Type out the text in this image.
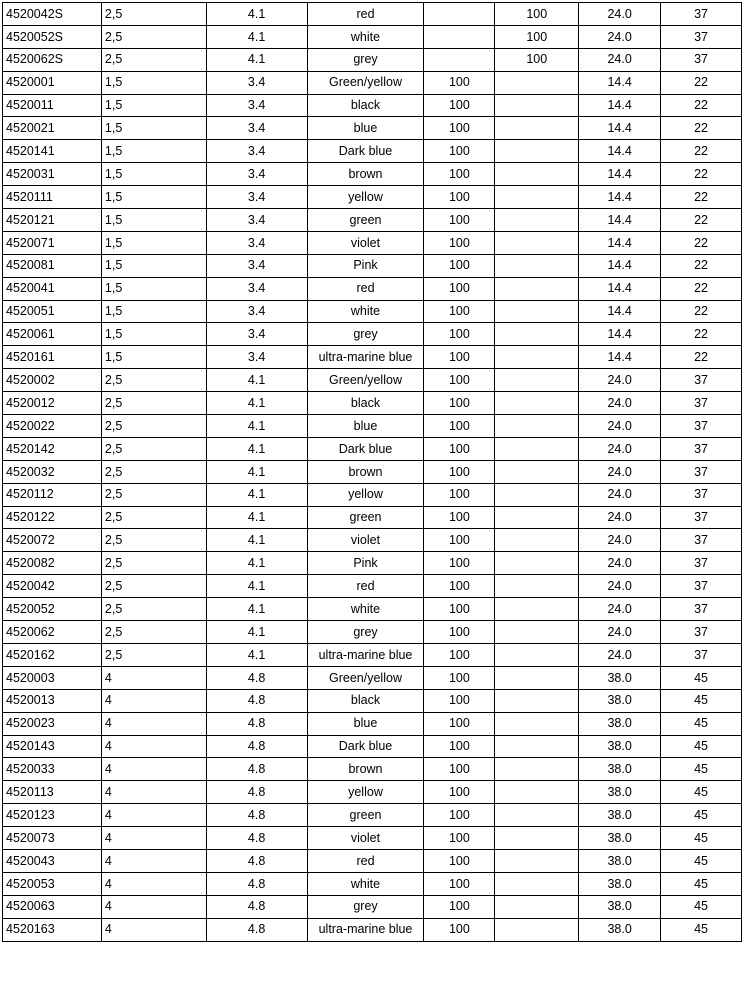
4520042S	2,5	4.1	red		100	24.0	37
4520052S	2,5	4.1	white		100	24.0	37
4520062S	2,5	4.1	grey		100	24.0	37
4520001	1,5	3.4	Green/yellow	100		14.4	22
4520011	1,5	3.4	black	100		14.4	22
4520021	1,5	3.4	blue	100		14.4	22
4520141	1,5	3.4	Dark blue	100		14.4	22
4520031	1,5	3.4	brown	100		14.4	22
4520111	1,5	3.4	yellow	100		14.4	22
4520121	1,5	3.4	green	100		14.4	22
4520071	1,5	3.4	violet	100		14.4	22
4520081	1,5	3.4	Pink	100		14.4	22
4520041	1,5	3.4	red	100		14.4	22
4520051	1,5	3.4	white	100		14.4	22
4520061	1,5	3.4	grey	100		14.4	22
4520161	1,5	3.4	ultra-marine blue	100		14.4	22
4520002	2,5	4.1	Green/yellow	100		24.0	37
4520012	2,5	4.1	black	100		24.0	37
4520022	2,5	4.1	blue	100		24.0	37
4520142	2,5	4.1	Dark blue	100		24.0	37
4520032	2,5	4.1	brown	100		24.0	37
4520112	2,5	4.1	yellow	100		24.0	37
4520122	2,5	4.1	green	100		24.0	37
4520072	2,5	4.1	violet	100		24.0	37
4520082	2,5	4.1	Pink	100		24.0	37
4520042	2,5	4.1	red	100		24.0	37
4520052	2,5	4.1	white	100		24.0	37
4520062	2,5	4.1	grey	100		24.0	37
4520162	2,5	4.1	ultra-marine blue	100		24.0	37
4520003	4	4.8	Green/yellow	100		38.0	45
4520013	4	4.8	black	100		38.0	45
4520023	4	4.8	blue	100		38.0	45
4520143	4	4.8	Dark blue	100		38.0	45
4520033	4	4.8	brown	100		38.0	45
4520113	4	4.8	yellow	100		38.0	45
4520123	4	4.8	green	100		38.0	45
4520073	4	4.8	violet	100		38.0	45
4520043	4	4.8	red	100		38.0	45
4520053	4	4.8	white	100		38.0	45
4520063	4	4.8	grey	100		38.0	45
4520163	4	4.8	ultra-marine blue	100		38.0	45
